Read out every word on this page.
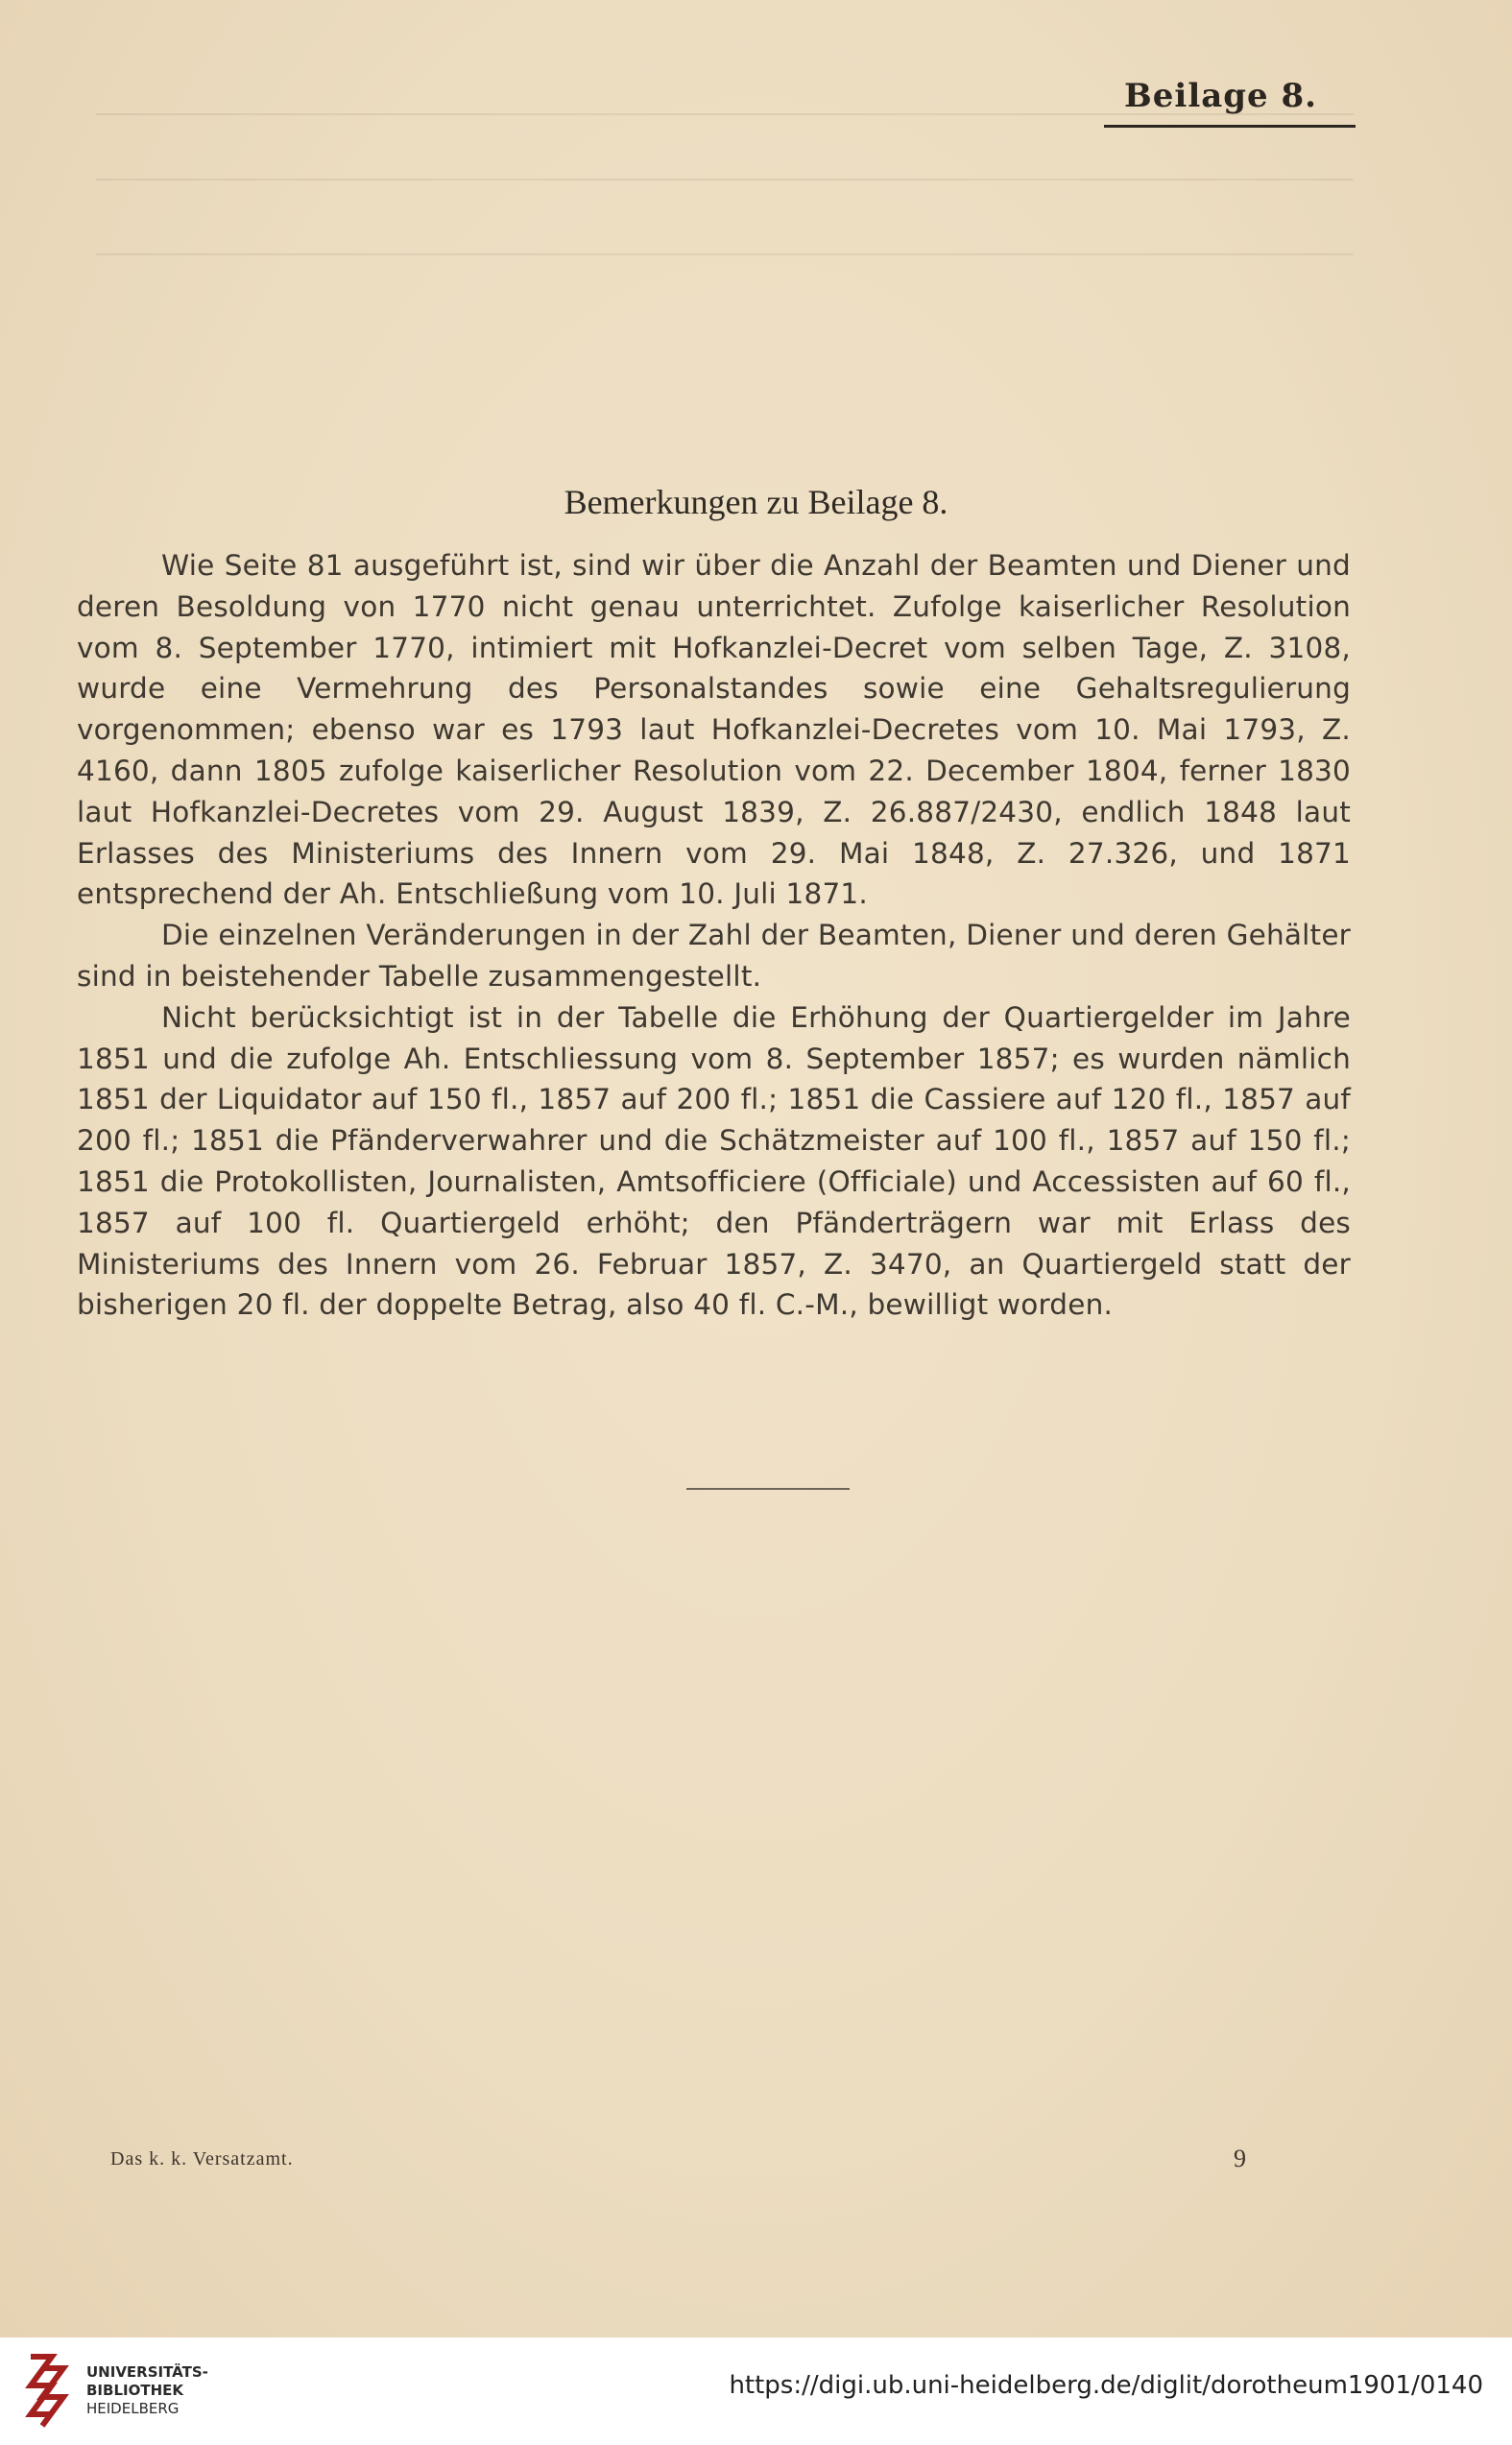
Beilage 8.
Bemerkungen zu Beilage 8.

Wie Seite 81 ausgeführt ist, sind wir über die Anzahl der Beamten und Diener und deren Besoldung von 1770 nicht genau unterrichtet. Zufolge kaiserlicher Resolution vom 8. September 1770, intimiert mit Hofkanzlei-Decret vom selben Tage, Z. 3108, wurde eine Vermehrung des Personalstandes sowie eine Gehaltsregulierung vorgenommen; ebenso war es 1793 laut Hofkanzlei-Decretes vom 10. Mai 1793, Z. 4160, dann 1805 zufolge kaiserlicher Resolution vom 22. December 1804, ferner 1830 laut Hofkanzlei-Decretes vom 29. August 1839, Z. 26.887/2430, endlich 1848 laut Erlasses des Ministeriums des Innern vom 29. Mai 1848, Z. 27.326, und 1871 entsprechend der Ah. Entschließung vom 10. Juli 1871.

Die einzelnen Veränderungen in der Zahl der Beamten, Diener und deren Gehälter sind in beistehender Tabelle zusammengestellt.

Nicht berücksichtigt ist in der Tabelle die Erhöhung der Quartiergelder im Jahre 1851 und die zufolge Ah. Entschliessung vom 8. September 1857; es wurden nämlich 1851 der Liquidator auf 150 fl., 1857 auf 200 fl.; 1851 die Cassiere auf 120 fl., 1857 auf 200 fl.; 1851 die Pfänderverwahrer und die Schätzmeister auf 100 fl., 1857 auf 150 fl.; 1851 die Protokollisten, Journalisten, Amtsofficiere (Officiale) und Accessisten auf 60 fl., 1857 auf 100 fl. Quartiergeld erhöht; den Pfänderträgern war mit Erlass des Ministeriums des Innern vom 26. Februar 1857, Z. 3470, an Quartiergeld statt der bisherigen 20 fl. der doppelte Betrag, also 40 fl. C.-M., bewilligt worden.

Das k. k. Versatzamt.	9
UNIVERSITÄTS-
BIBLIOTHEK
HEIDELBERG
https://digi.ub.uni-heidelberg.de/diglit/dorotheum1901/0140
